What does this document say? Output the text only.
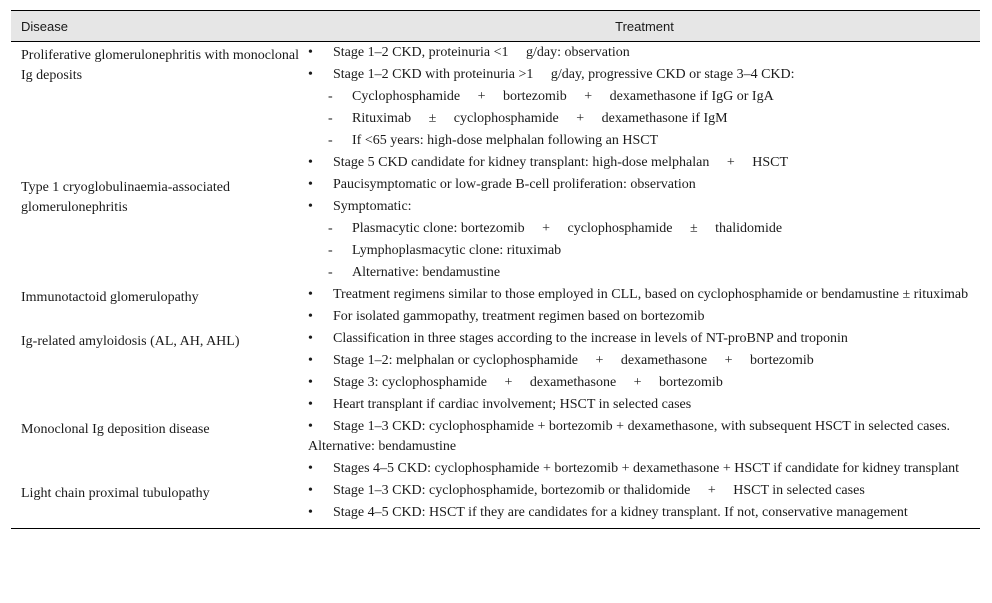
Disease	Treatment
Proliferative glomerulonephritis with monoclonal Ig deposits
•	Stage 1–2 CKD, proteinuria <1     g/day: observation
•	Stage 1–2 CKD with proteinuria >1     g/day, progressive CKD or stage 3–4 CKD:
-	Cyclophosphamide     +     bortezomib     +     dexamethasone if IgG or IgA
-	Rituximab     ±     cyclophosphamide     +     dexamethasone if IgM
-	If <65 years: high-dose melphalan following an HSCT
•	Stage 5 CKD candidate for kidney transplant: high-dose melphalan     +     HSCT
Type 1 cryoglobulinaemia-associated glomerulonephritis
•	Paucisymptomatic or low-grade B-cell proliferation: observation
•	Symptomatic:
-	Plasmacytic clone: bortezomib     +     cyclophosphamide     ±     thalidomide
-	Lymphoplasmacytic clone: rituximab
-	Alternative: bendamustine
Immunotactoid glomerulopathy	•	Treatment regimens similar to those employed in CLL, based on cyclophosphamide or bendamustine ± rituximab
•	For isolated gammopathy, treatment regimen based on bortezomib
Ig-related amyloidosis (AL, AH, AHL)	•	Classification in three stages according to the increase in levels of NT-proBNP and troponin
•	Stage 1–2: melphalan or cyclophosphamide     +     dexamethasone     +     bortezomib
•	Stage 3: cyclophosphamide     +     dexamethasone     +     bortezomib
•	Heart transplant if cardiac involvement; HSCT in selected cases
Monoclonal Ig deposition disease	•	Stage 1–3 CKD: cyclophosphamide + bortezomib + dexamethasone, with subsequent HSCT in selected cases. Alternative: bendamustine
•	Stages 4–5 CKD: cyclophosphamide + bortezomib + dexamethasone + HSCT if candidate for kidney transplant
Light chain proximal tubulopathy	•	Stage 1–3 CKD: cyclophosphamide, bortezomib or thalidomide     +     HSCT in selected cases
•	Stage 4–5 CKD: HSCT if they are candidates for a kidney transplant. If not, conservative management
